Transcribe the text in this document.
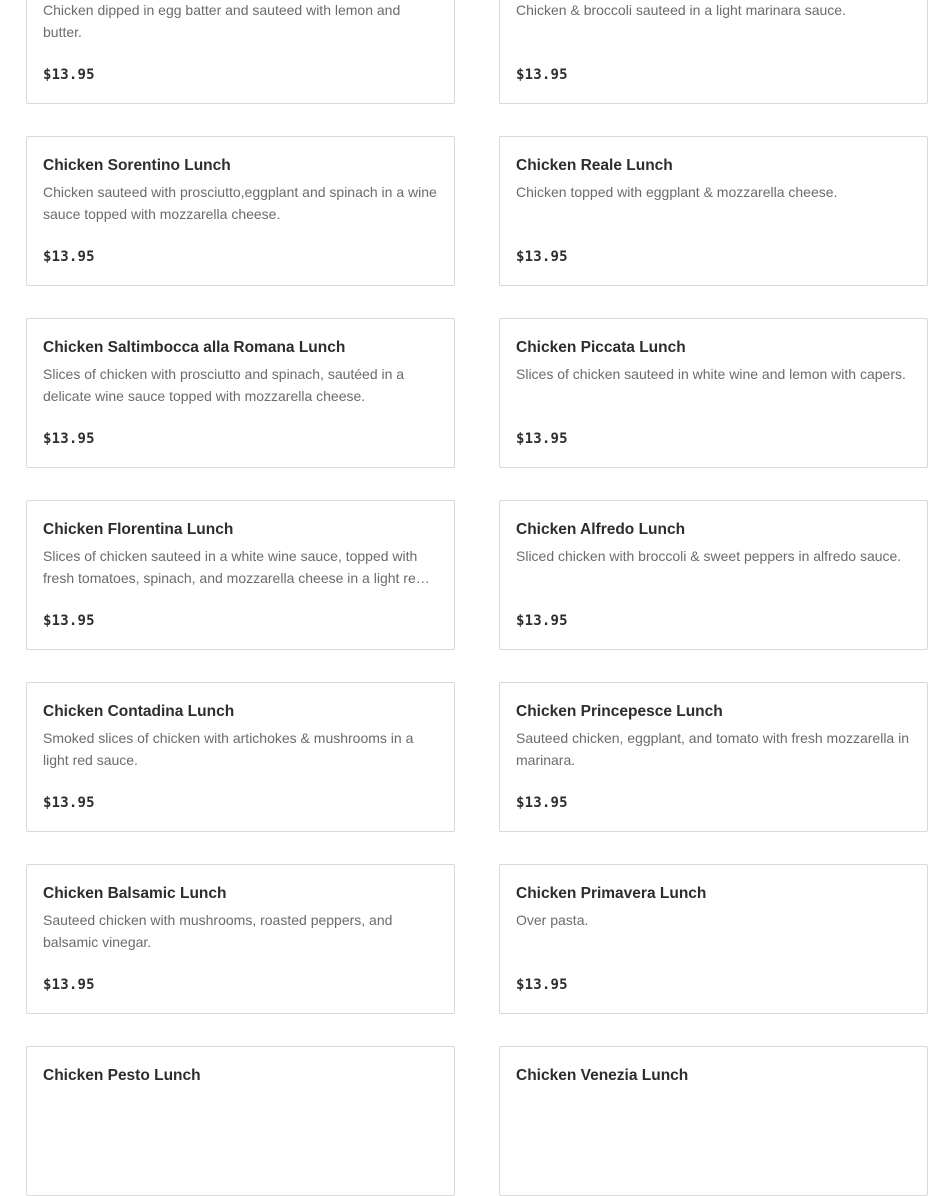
Chicken dipped in egg batter and sauteed with lemon and butter.
$13.95
Chicken & broccoli sauteed in a light marinara sauce.
$13.95
Chicken Sorentino Lunch
Chicken sauteed with prosciutto,eggplant and spinach in a wine sauce topped with mozzarella cheese.
$13.95
Chicken Reale Lunch
Chicken topped with eggplant & mozzarella cheese.
$13.95
Chicken Saltimbocca alla Romana Lunch
Slices of chicken with prosciutto and spinach, sautéed in a delicate wine sauce topped with mozzarella cheese.
$13.95
Chicken Piccata Lunch
Slices of chicken sauteed in white wine and lemon with capers.
$13.95
Chicken Florentina Lunch
Slices of chicken sauteed in a white wine sauce, topped with fresh tomatoes, spinach, and mozzarella cheese in a light re…
$13.95
Chicken Alfredo Lunch
Sliced chicken with broccoli & sweet peppers in alfredo sauce.
$13.95
Chicken Contadina Lunch
Smoked slices of chicken with artichokes & mushrooms in a light red sauce.
$13.95
Chicken Princepesce Lunch
Sauteed chicken, eggplant, and tomato with fresh mozzarella in marinara.
$13.95
Chicken Balsamic Lunch
Sauteed chicken with mushrooms, roasted peppers, and balsamic vinegar.
$13.95
Chicken Primavera Lunch
Over pasta.
$13.95
Chicken Pesto Lunch	Chicken Venezia Lunch
